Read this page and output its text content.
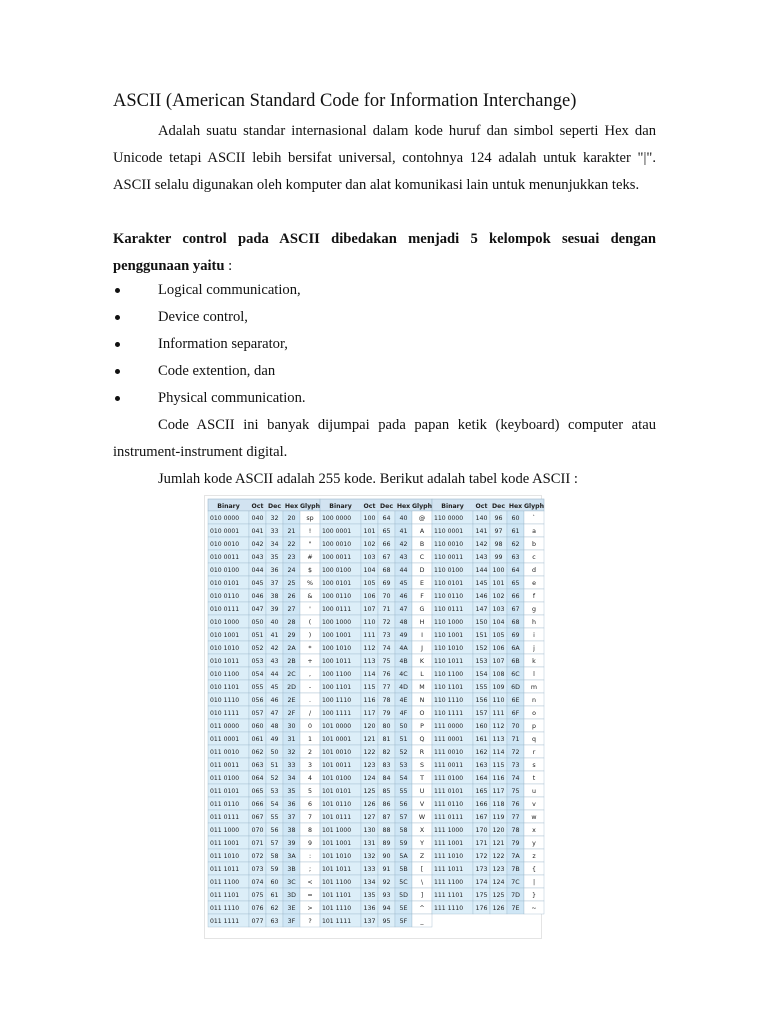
ASCII (American Standard Code for Information Interchange)

Adalah suatu standar internasional dalam kode huruf dan simbol seperti Hex dan Unicode tetapi ASCII lebih bersifat universal, contohnya 124 adalah untuk karakter "|". ASCII selalu digunakan oleh komputer dan alat komunikasi lain untuk menunjukkan teks.

Karakter control pada ASCII dibedakan menjadi 5 kelompok sesuai dengan penggunaan yaitu :

Logical communication,
Device control,
Information separator,
Code extention, dan
Physical communication.

Code ASCII ini banyak dijumpai pada papan ketik (keyboard) computer atau instrument-instrument digital.

Jumlah kode ASCII adalah 255 kode. Berikut adalah tabel kode ASCII :

Binary Oct Dec Hex Glyph
010 0000 040 32 20 sp
010 0001 041 33 21 !
010 0010 042 34 22 "
010 0011 043 35 23 #
010 0100 044 36 24 $
010 0101 045 37 25 %
010 0110 046 38 26 &
010 0111 047 39 27 '
010 1000 050 40 28 (
010 1001 051 41 29 )
010 1010 052 42 2A *
010 1011 053 43 2B +
010 1100 054 44 2C ,
010 1101 055 45 2D -
010 1110 056 46 2E .
010 1111 057 47 2F /
011 0000 060 48 30 0
011 0001 061 49 31 1
011 0010 062 50 32 2
011 0011 063 51 33 3
011 0100 064 52 34 4
011 0101 065 53 35 5
011 0110 066 54 36 6
011 0111 067 55 37 7
011 1000 070 56 38 8
011 1001 071 57 39 9
011 1010 072 58 3A :
011 1011 073 59 3B ;
011 1100 074 60 3C <
011 1101 075 61 3D =
011 1110 076 62 3E >
011 1111 077 63 3F ?
Binary Oct Dec Hex Glyph
100 0000 100 64 40 @
100 0001 101 65 41 A
100 0010 102 66 42 B
100 0011 103 67 43 C
100 0100 104 68 44 D
100 0101 105 69 45 E
100 0110 106 70 46 F
100 0111 107 71 47 G
100 1000 110 72 48 H
100 1001 111 73 49 I
100 1010 112 74 4A J
100 1011 113 75 4B K
100 1100 114 76 4C L
100 1101 115 77 4D M
100 1110 116 78 4E N
100 1111 117 79 4F O
101 0000 120 80 50 P
101 0001 121 81 51 Q
101 0010 122 82 52 R
101 0011 123 83 53 S
101 0100 124 84 54 T
101 0101 125 85 55 U
101 0110 126 86 56 V
101 0111 127 87 57 W
101 1000 130 88 58 X
101 1001 131 89 59 Y
101 1010 132 90 5A Z
101 1011 133 91 5B [
101 1100 134 92 5C \
101 1101 135 93 5D ]
101 1110 136 94 5E ^
101 1111 137 95 5F _
Binary Oct Dec Hex Glyph
110 0000 140 96 60 `
110 0001 141 97 61 a
110 0010 142 98 62 b
110 0011 143 99 63 c
110 0100 144 100 64 d
110 0101 145 101 65 e
110 0110 146 102 66 f
110 0111 147 103 67 g
110 1000 150 104 68 h
110 1001 151 105 69 i
110 1010 152 106 6A j
110 1011 153 107 6B k
110 1100 154 108 6C l
110 1101 155 109 6D m
110 1110 156 110 6E n
110 1111 157 111 6F o
111 0000 160 112 70 p
111 0001 161 113 71 q
111 0010 162 114 72 r
111 0011 163 115 73 s
111 0100 164 116 74 t
111 0101 165 117 75 u
111 0110 166 118 76 v
111 0111 167 119 77 w
111 1000 170 120 78 x
111 1001 171 121 79 y
111 1010 172 122 7A z
111 1011 173 123 7B {
111 1100 174 124 7C |
111 1101 175 125 7D }
111 1110 176 126 7E ~
